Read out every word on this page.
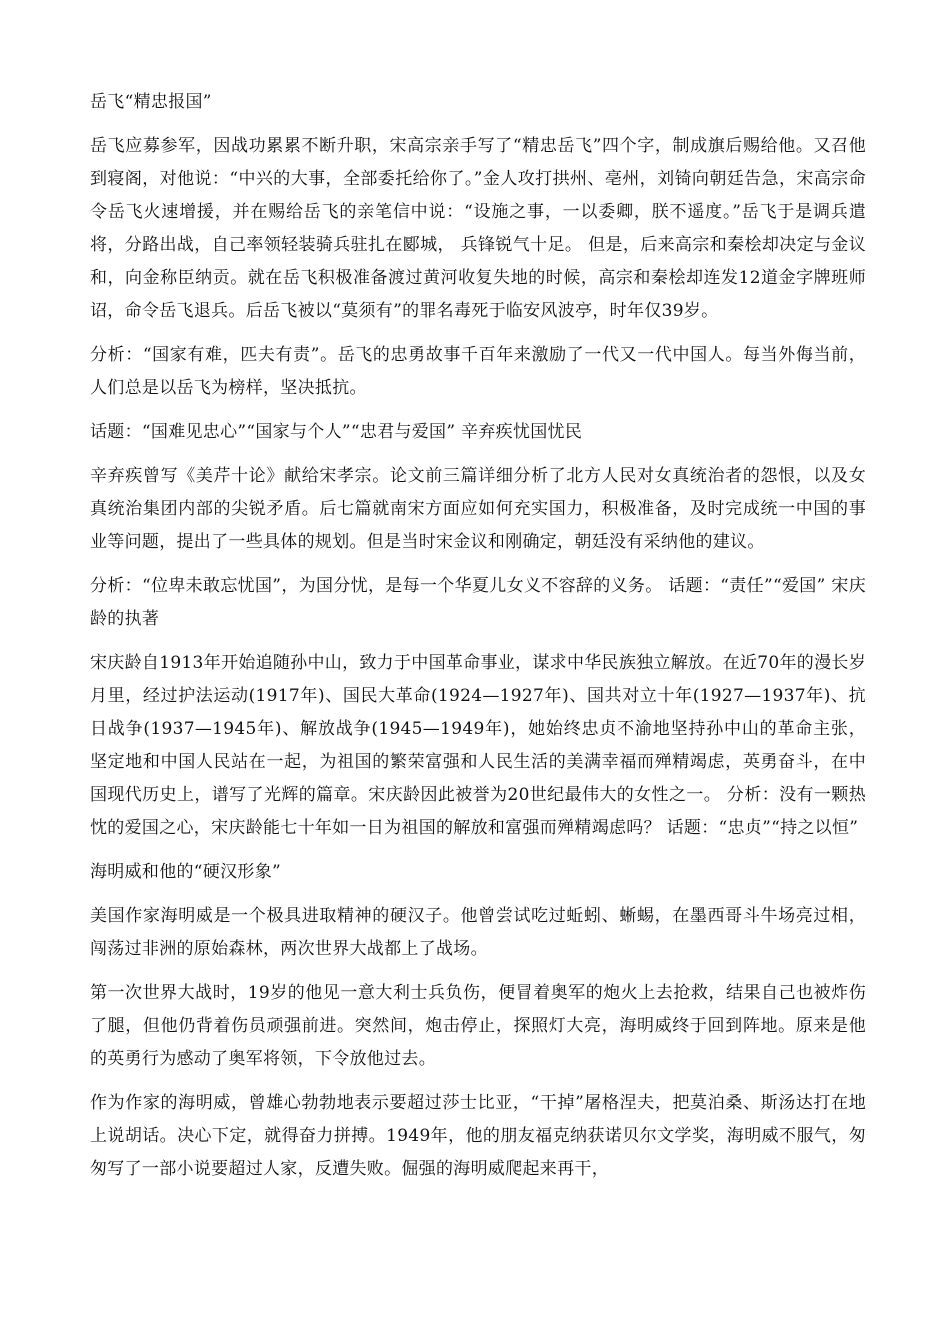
岳飞“精忠报国”

岳飞应募参军，因战功累累不断升职，宋高宗亲手写了“精忠岳飞”四个字，制成旗后赐给他。又召他到寝阁，对他说：“中兴的大事，全部委托给你了。”金人攻打拱州、亳州，刘锜向朝廷告急，宋高宗命令岳飞火速增援，并在赐给岳飞的亲笔信中说：“设施之事，一以委卿，朕不遥度。”岳飞于是调兵遣将，分路出战，自己率领轻装骑兵驻扎在郾城， 兵锋锐气十足。 但是，后来高宗和秦桧却决定与金议和，向金称臣纳贡。就在岳飞积极准备渡过黄河收复失地的时候，高宗和秦桧却连发12道金字牌班师诏，命令岳飞退兵。后岳飞被以“莫须有”的罪名毒死于临安风波亭，时年仅39岁。

分析：“国家有难，匹夫有责”。岳飞的忠勇故事千百年来激励了一代又一代中国人。每当外侮当前，人们总是以岳飞为榜样，坚决抵抗。

话题：“国难见忠心”“国家与个人”“忠君与爱国” 辛弃疾忧国忧民

辛弃疾曾写《美芹十论》献给宋孝宗。论文前三篇详细分析了北方人民对女真统治者的怨恨，以及女真统治集团内部的尖锐矛盾。后七篇就南宋方面应如何充实国力，积极准备，及时完成统一中国的事业等问题，提出了一些具体的规划。但是当时宋金议和刚确定，朝廷没有采纳他的建议。

分析：“位卑未敢忘忧国”，为国分忧，是每一个华夏儿女义不容辞的义务。 话题：“责任”“爱国” 宋庆龄的执著

宋庆龄自1913年开始追随孙中山，致力于中国革命事业，谋求中华民族独立解放。在近70年的漫长岁月里，经过护法运动(1917年)、国民大革命(1924—1927年)、国共对立十年(1927—1937年)、抗日战争(1937—1945年)、解放战争(1945—1949年)，她始终忠贞不渝地坚持孙中山的革命主张，坚定地和中国人民站在一起，为祖国的繁荣富强和人民生活的美满幸福而殚精竭虑，英勇奋斗，在中国现代历史上，谱写了光辉的篇章。宋庆龄因此被誉为20世纪最伟大的女性之一。 分析：没有一颗热忱的爱国之心，宋庆龄能七十年如一日为祖国的解放和富强而殚精竭虑吗？ 话题：“忠贞”“持之以恒”

海明威和他的“硬汉形象”

美国作家海明威是一个极具进取精神的硬汉子。他曾尝试吃过蚯蚓、蜥蜴，在墨西哥斗牛场亮过相，闯荡过非洲的原始森林，两次世界大战都上了战场。

第一次世界大战时，19岁的他见一意大利士兵负伤，便冒着奥军的炮火上去抢救，结果自己也被炸伤了腿，但他仍背着伤员顽强前进。突然间，炮击停止，探照灯大亮，海明威终于回到阵地。原来是他的英勇行为感动了奥军将领，下令放他过去。

作为作家的海明威，曾雄心勃勃地表示要超过莎士比亚，“干掉”屠格涅夫，把莫泊桑、斯汤达打在地上说胡话。决心下定，就得奋力拼搏。1949年，他的朋友福克纳获诺贝尔文学奖，海明威不服气，匆匆写了一部小说要超过人家，反遭失败。倔强的海明威爬起来再干，
